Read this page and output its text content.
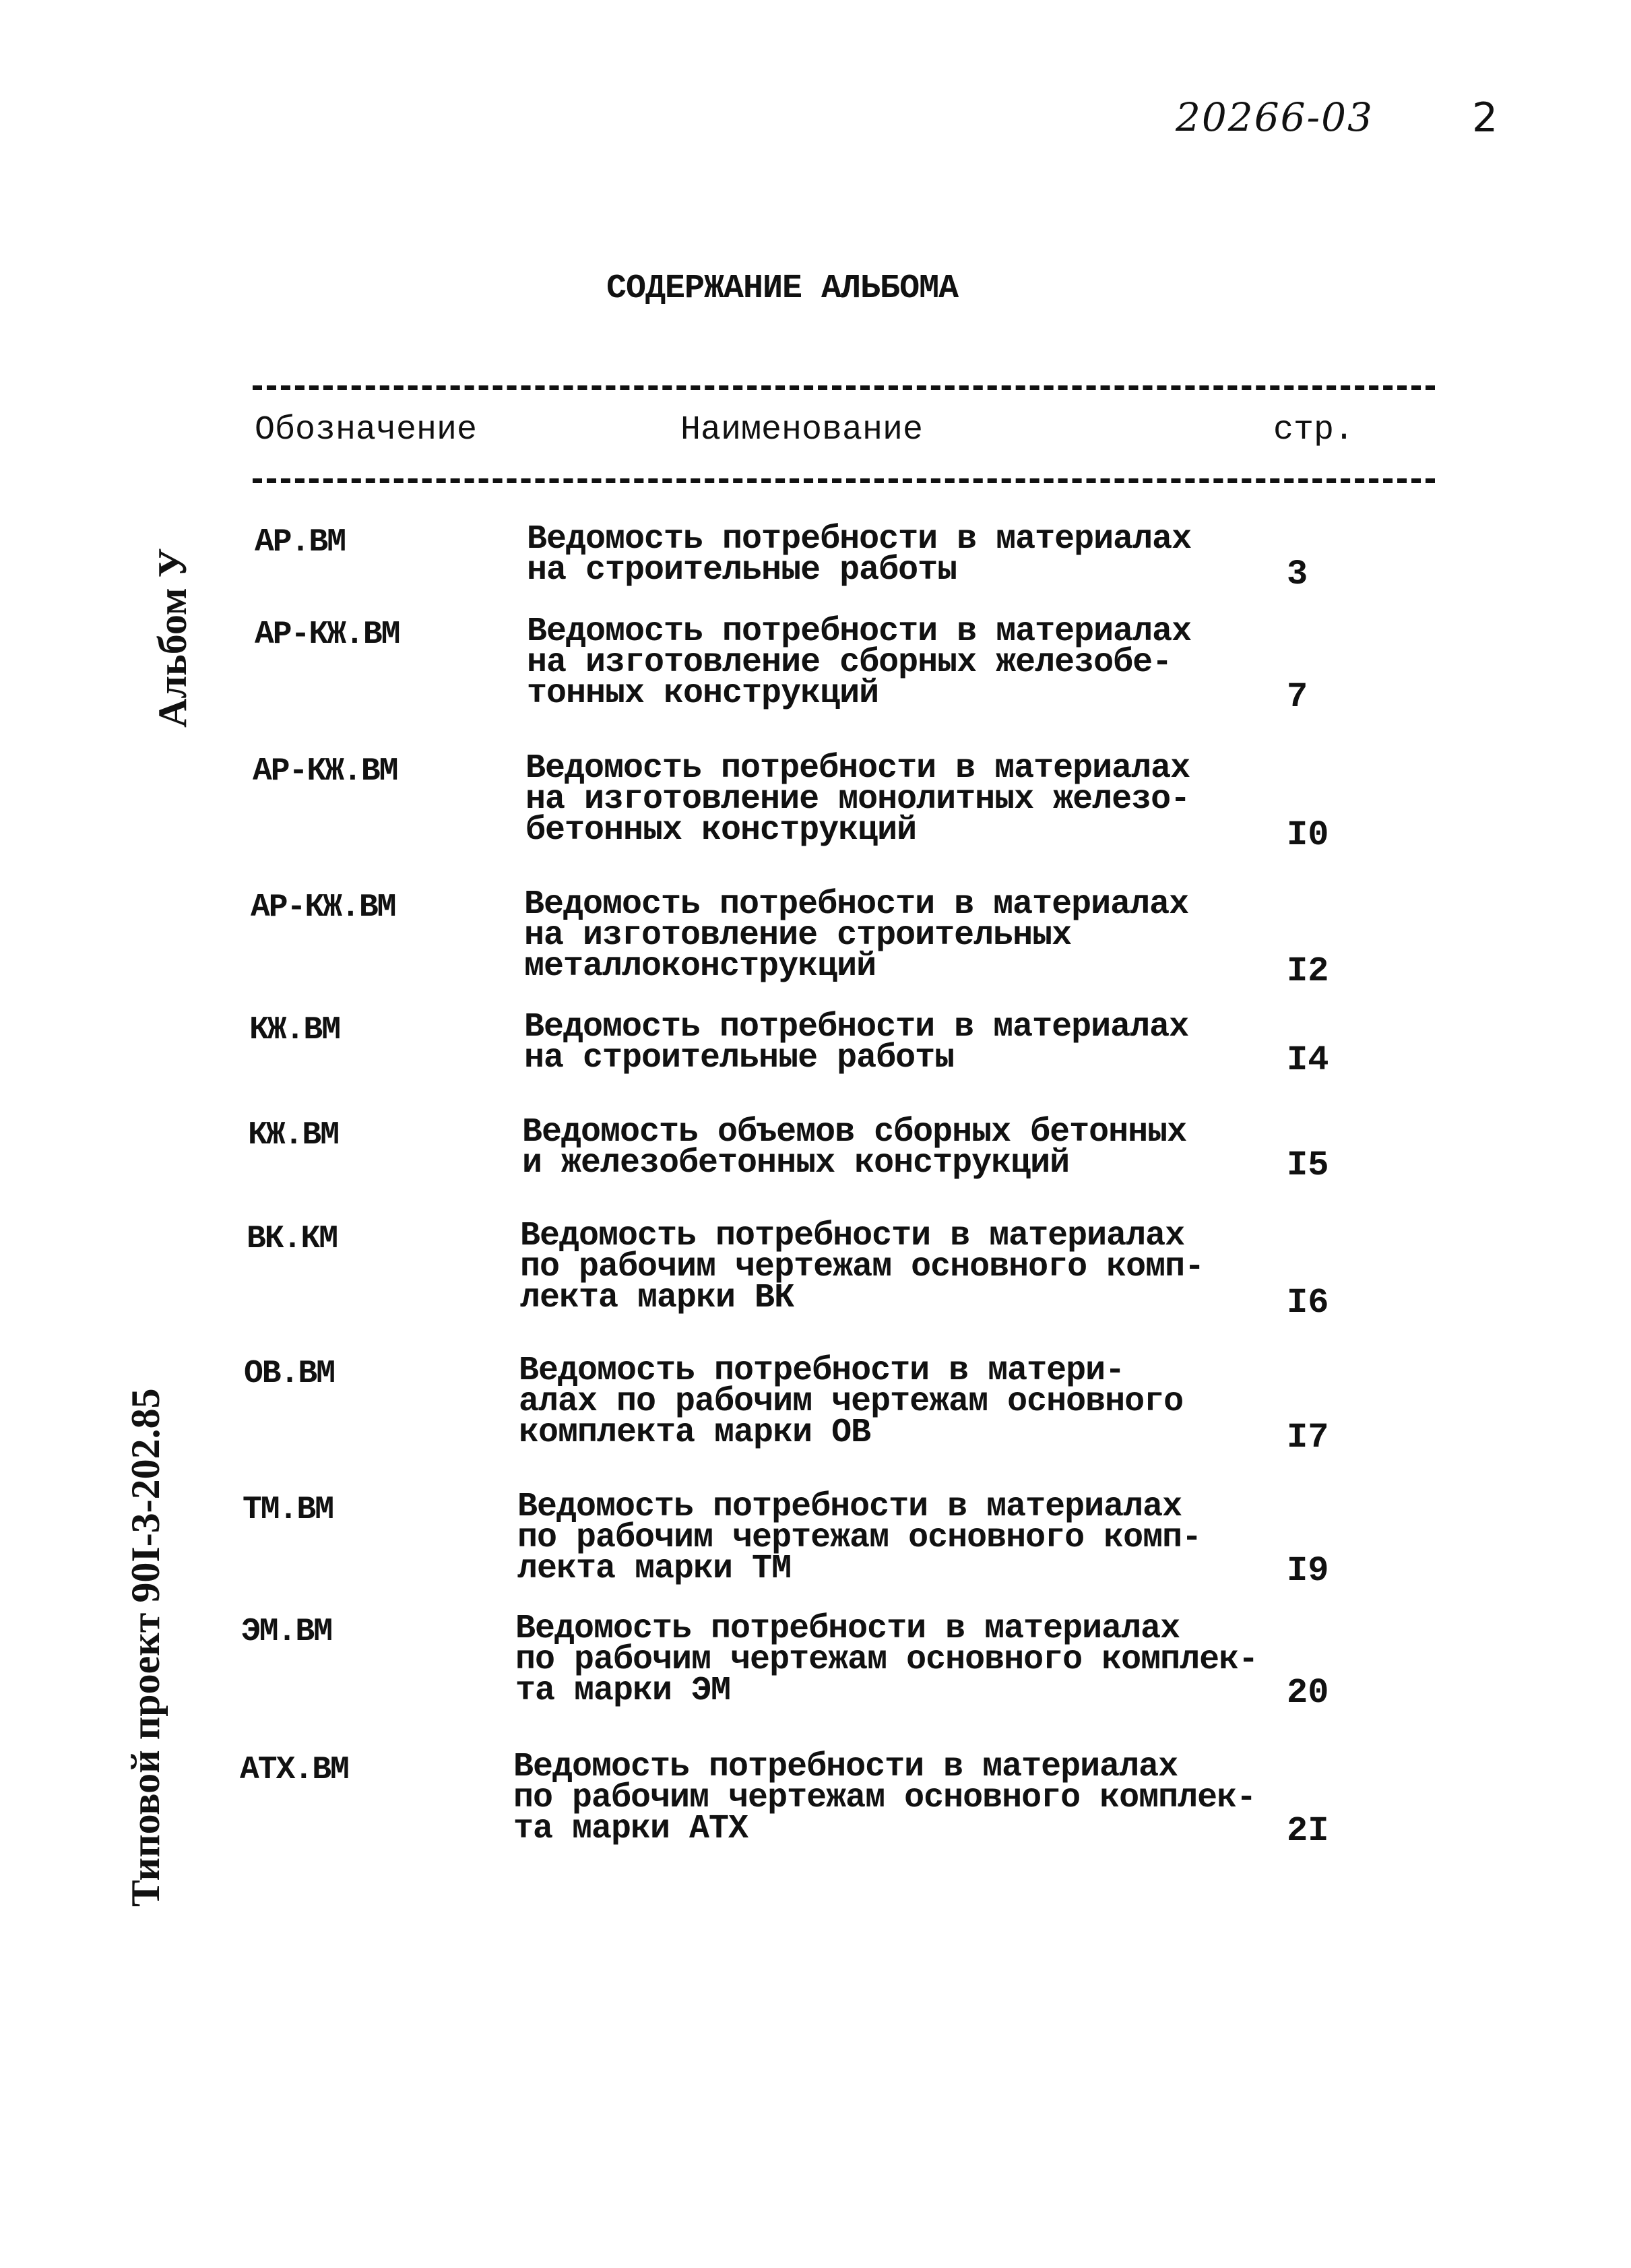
20266-03 2
СОДЕРЖАНИЕ АЛЬБОМА
Обозначение	Наименование	стр.
Альбом У
Типовой проект 90I-3-202.85
АР.ВМ	Ведомость потребности в материалах
на строительные работы	3
АР-КЖ.ВМ	Ведомость потребности в материалах
на изготовление сборных железобе-
тонных конструкций	7
АР-КЖ.ВМ	Ведомость потребности в материалах
на изготовление монолитных железо-
бетонных конструкций	I0
АР-КЖ.ВМ	Ведомость потребности в материалах
на изготовление строительных
металлоконструкций	I2
КЖ.ВМ	Ведомость потребности в материалах
на строительные работы	I4
КЖ.ВМ	Ведомость объемов сборных бетонных
и железобетонных конструкций	I5
ВК.КМ	Ведомость потребности в материалах
по рабочим чертежам основного комп-
лекта марки ВК	I6
ОВ.ВМ	Ведомость потребности в матери-
алах по рабочим чертежам основного
комплекта марки ОВ	I7
ТМ.ВМ	Ведомость потребности в материалах
по рабочим чертежам основного комп-
лекта марки ТМ	I9
ЭМ.ВМ	Ведомость потребности в материалах
по рабочим чертежам основного комплек-
та марки ЭМ	20
АТХ.ВМ	Ведомость потребности в материалах
по рабочим чертежам основного комплек-
та марки АТХ	2I
